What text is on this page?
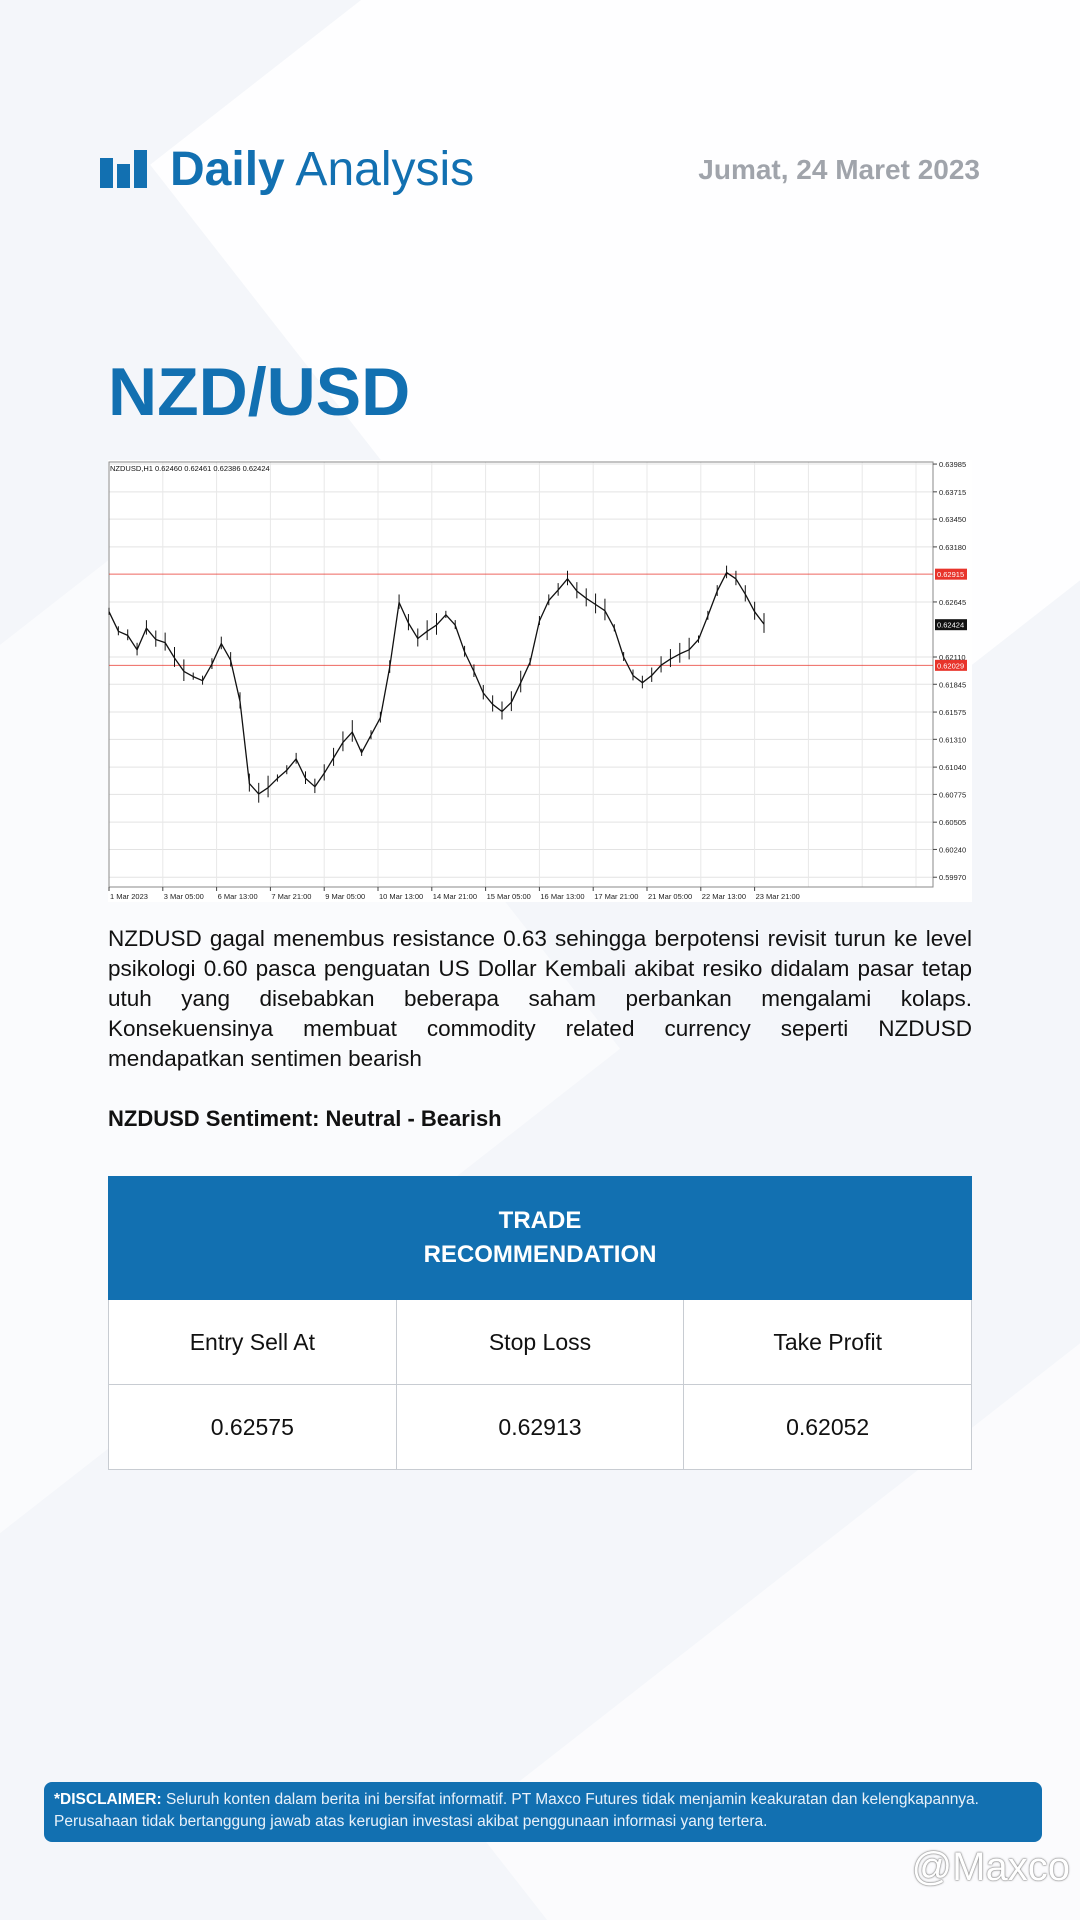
Daily Analysis	Jumat, 24 Maret 2023
NZD/USD
0.62915
0.62029
0.62424
0.63985
0.63715
0.63450
0.63180
0.62645
0.62110
0.61845
0.61575
0.61310
0.61040
0.60775
0.60505
0.60240
0.59970
1 Mar 2023 3 Mar 05:00 6 Mar 13:00 7 Mar 21:00 9 Mar 05:00 10 Mar 13:00 14 Mar 21:00 15 Mar 05:00 16 Mar 13:00 17 Mar 21:00 21 Mar 05:00 22 Mar 13:00 23 Mar 21:00
NZDUSD,H1 0.62460 0.62461 0.62386 0.62424
NZDUSD gagal menembus resistance 0.63 sehingga berpotensi revisit turun ke level psikologi 0.60 pasca penguatan US Dollar Kembali akibat resiko didalam pasar tetap utuh yang disebabkan beberapa saham perbankan mengalami kolaps. Konsekuensinya membuat commodity related currency seperti NZDUSD mendapatkan sentimen bearish
NZDUSD Sentiment: Neutral - Bearish
TRADE
RECOMMENDATION
Entry Sell At	Stop Loss	Take Profit
0.62575	0.62913	0.62052
*DISCLAIMER: Seluruh konten dalam berita ini bersifat informatif. PT Maxco Futures tidak menjamin keakuratan dan kelengkapannya. Perusahaan tidak bertanggung jawab atas kerugian investasi akibat penggunaan informasi yang tertera.
@Maxco
